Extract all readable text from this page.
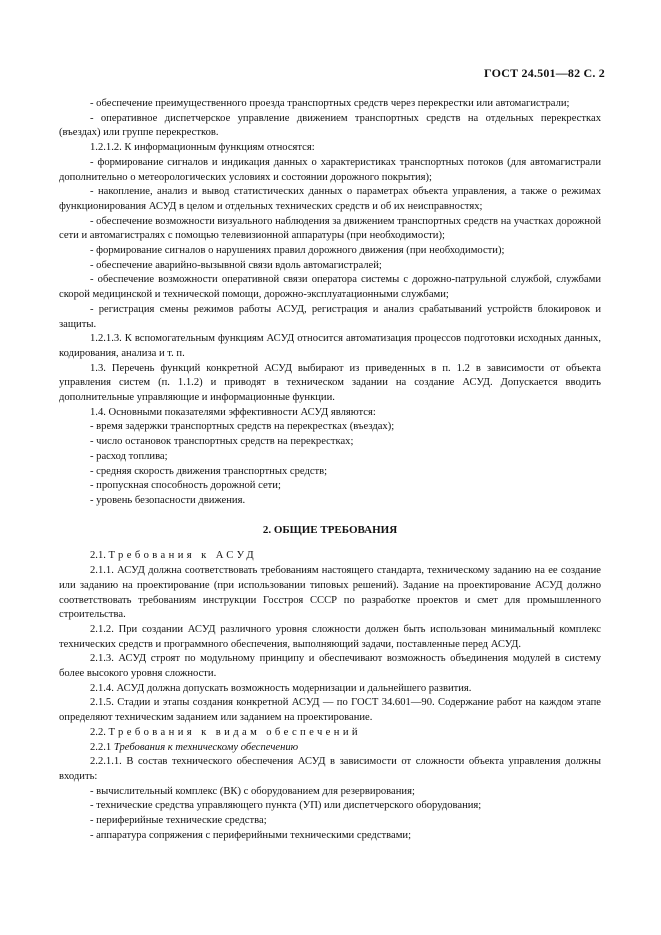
ГОСТ 24.501—82 С. 2

- обеспечение преимущественного проезда транспортных средств через перекрестки или автомагистрали;

- оперативное диспетчерское управление движением транспортных средств на отдельных перекрестках (въездах) или группе перекрестков.

1.2.1.2. К информационным функциям относятся:

- формирование сигналов и индикация данных о характеристиках транспортных потоков (для автомагистрали дополнительно о метеорологических условиях и состоянии дорожного покрытия);

- накопление, анализ и вывод статистических данных о параметрах объекта управления, а также о режимах функционирования АСУД в целом и отдельных технических средств и об их неисправностях;

- обеспечение возможности визуального наблюдения за движением транспортных средств на участках дорожной сети и автомагистралях с помощью телевизионной аппаратуры (при необходимости);

- формирование сигналов о нарушениях правил дорожного движения (при необходимости);

- обеспечение аварийно-вызывной связи вдоль автомагистралей;

- обеспечение возможности оперативной связи оператора системы с дорожно-патрульной службой, службами скорой медицинской и технической помощи, дорожно-эксплуатационными службами;

- регистрация смены режимов работы АСУД, регистрация и анализ срабатываний устройств блокировок и защиты.

1.2.1.3. К вспомогательным функциям АСУД относится автоматизация процессов подготовки исходных данных, кодирования, анализа и т. п.

1.3. Перечень функций конкретной АСУД выбирают из приведенных в п. 1.2 в зависимости от объекта управления систем (п. 1.1.2) и приводят в техническом задании на создание АСУД. Допускается вводить дополнительные управляющие и информационные функции.

1.4. Основными показателями эффективности АСУД являются:

- время задержки транспортных средств на перекрестках (въездах);

- число остановок транспортных средств на перекрестках;

- расход топлива;

- средняя скорость движения транспортных средств;

- пропускная способность дорожной сети;

- уровень безопасности движения.

2. ОБЩИЕ ТРЕБОВАНИЯ

2.1. Требования к АСУД

2.1.1. АСУД должна соответствовать требованиям настоящего стандарта, техническому заданию на ее создание или заданию на проектирование (при использовании типовых решений). Задание на проектирование АСУД должно соответствовать требованиям инструкции Госстроя СССР по разработке проектов и смет для промышленного строительства.

2.1.2. При создании АСУД различного уровня сложности должен быть использован минимальный комплекс технических средств и программного обеспечения, выполняющий задачи, поставленные перед АСУД.

2.1.3. АСУД строят по модульному принципу и обеспечивают возможность объединения модулей в систему более высокого уровня сложности.

2.1.4. АСУД должна допускать возможность модернизации и дальнейшего развития.

2.1.5. Стадии и этапы создания конкретной АСУД — по ГОСТ 34.601—90. Содержание работ на каждом этапе определяют техническим заданием или заданием на проектирование.

2.2. Требования к видам обеспечений

2.2.1 Требования к техническому обеспечению

2.2.1.1. В состав технического обеспечения АСУД в зависимости от сложности объекта управления должны входить:

- вычислительный комплекс (ВК) с оборудованием для резервирования;

- технические средства управляющего пункта (УП) или диспетчерского оборудования;

- периферийные технические средства;

- аппаратура сопряжения с периферийными техническими средствами;
